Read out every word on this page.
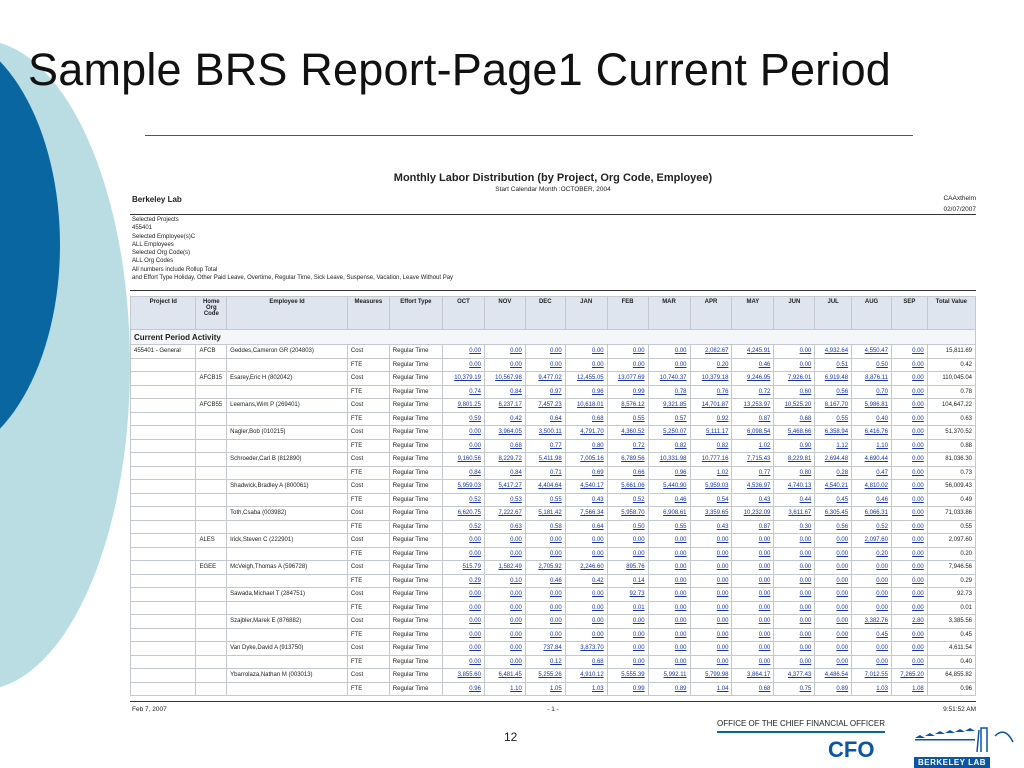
Sample BRS Report-Page1 Current Period
Monthly Labor Distribution (by Project, Org Code, Employee)
Start Calendar Month :OCTOBER, 2004
Berkeley Lab	CAAxthelm
02/07/2007
Selected Projects
455401
Selected Employee(s)C
ALL Employees
Selected Org Code(s)
ALL Org Codes
All numbers include Rollup Total
and Effort Type Holiday, Other Paid Leave, Overtime, Regular Time, Sick Leave, Suspense, Vacation, Leave Without Pay
Project Id	Home Org Code	Employee Id	Measures	Effort Type	OCT	NOV	DEC	JAN	FEB	MAR	APR	MAY	JUN	JUL	AUG	SEP	Total Value
Current Period Activity																	
455401 - General	AFCB	Geddes,Cameron GR (204803)	Cost	Regular Time	0.00	0.00	0.00	0.00	0.00	0.00	2,082.67	4,245.91	0.00	4,932.64	4,550.47	0.00	15,811.69
			FTE	Regular Time	0.00	0.00	0.00	0.00	0.00	0.00	0.20	0.46	0.00	0.51	0.50	0.00	0.42
	AFCB15	Esarey,Eric H (802042)	Cost	Regular Time	10,379.19	10,567.98	9,477.02	12,455.05	13,077.69	10,740.37	10,379.18	9,246.95	7,926.01	6,919.48	8,876.11	0.00	110,045.04
			FTE	Regular Time	0.74	0.84	0.97	0.96	0.99	0.78	0.76	0.72	0.60	0.56	0.70	0.00	0.78
	AFCB55	Leemans,Wim P (269401)	Cost	Regular Time	9,801.25	6,237.17	7,457.23	10,618.01	8,576.12	9,321.85	14,701.87	13,253.97	10,525.20	8,167.70	5,986.81	0.00	104,647.22
			FTE	Regular Time	0.59	0.42	0.64	0.68	0.55	0.57	0.92	0.87	0.68	0.55	0.40	0.00	0.63
		Nagler,Bob (010215)	Cost	Regular Time	0.00	3,964.05	3,500.11	4,791.70	4,360.52	5,250.07	5,111.17	6,098.54	5,468.66	6,358.94	6,416.76	0.00	51,370.52
			FTE	Regular Time	0.00	0.68	0.77	0.80	0.72	0.82	0.82	1.02	0.90	1.12	1.10	0.00	0.88
		Schroeder,Carl B (812890)	Cost	Regular Time	9,160.56	8,229.72	5,411.98	7,005.16	6,789.56	10,331.98	10,777.16	7,715.43	8,229.81	2,694.48	4,690.44	0.00	81,036.30
			FTE	Regular Time	0.84	0.84	0.71	0.69	0.66	0.96	1.02	0.77	0.80	0.28	0.47	0.00	0.73
		Shadwick,Bradley A (800061)	Cost	Regular Time	5,959.03	5,417.27	4,404.64	4,540.17	5,661.06	5,440.90	5,959.03	4,536.97	4,740.13	4,540.21	4,810.02	0.00	56,009.43
			FTE	Regular Time	0.52	0.53	0.55	0.43	0.52	0.46	0.54	0.43	0.44	0.45	0.46	0.00	0.49
		Toth,Csaba (003982)	Cost	Regular Time	6,620.75	7,222.67	5,181.42	7,566.34	5,958.70	6,908.61	3,359.65	10,232.09	3,611.67	6,305.45	6,066.31	0.00	71,033.86
			FTE	Regular Time	0.52	0.63	0.58	0.64	0.50	0.55	0.43	0.87	0.30	0.56	0.52	0.00	0.55
	ALES	Irick,Steven C (222901)	Cost	Regular Time	0.00	0.00	0.00	0.00	0.00	0.00	0.00	0.00	0.00	0.00	2,097.60	0.00	2,097.60
			FTE	Regular Time	0.00	0.00	0.00	0.00	0.00	0.00	0.00	0.00	0.00	0.00	0.20	0.00	0.20
	EGEE	McVeigh,Thomas A (596728)	Cost	Regular Time	515.79	1,582.49	2,705.92	2,246.60	895.76	0.00	0.00	0.00	0.00	0.00	0.00	0.00	7,946.56
			FTE	Regular Time	0.29	0.10	0.46	0.42	0.14	0.00	0.00	0.00	0.00	0.00	0.00	0.00	0.29
		Sawada,Michael T (284751)	Cost	Regular Time	0.00	0.00	0.00	0.00	92.73	0.00	0.00	0.00	0.00	0.00	0.00	0.00	92.73
			FTE	Regular Time	0.00	0.00	0.00	0.00	0.01	0.00	0.00	0.00	0.00	0.00	0.00	0.00	0.01
		Szajbler,Marek E (876882)	Cost	Regular Time	0.00	0.00	0.00	0.00	0.00	0.00	0.00	0.00	0.00	0.00	3,382.76	2.80	3,385.56
			FTE	Regular Time	0.00	0.00	0.00	0.00	0.00	0.00	0.00	0.00	0.00	0.00	0.45	0.00	0.45
		Van Dyke,David A (913750)	Cost	Regular Time	0.00	0.00	737.84	3,873.70	0.00	0.00	0.00	0.00	0.00	0.00	0.00	0.00	4,611.54
			FTE	Regular Time	0.00	0.00	0.12	0.68	0.00	0.00	0.00	0.00	0.00	0.00	0.00	0.00	0.40
		Ybarrolaza,Nathan M (003013)	Cost	Regular Time	3,855.60	6,481.45	5,255.26	4,910.12	5,555.39	5,992.11	5,799.98	3,864.17	4,377.43	4,486.54	7,012.55	7,265.20	64,855.82
			FTE	Regular Time	0.96	1.10	1.05	1.03	0.99	0.89	1.04	0.68	0.75	0.89	1.03	1.08	0.96
Feb 7, 2007	- 1 -	9:51:52 AM
12
OFFICE OF THE CHIEF FINANCIAL OFFICER
CFO
BERKELEY LAB
